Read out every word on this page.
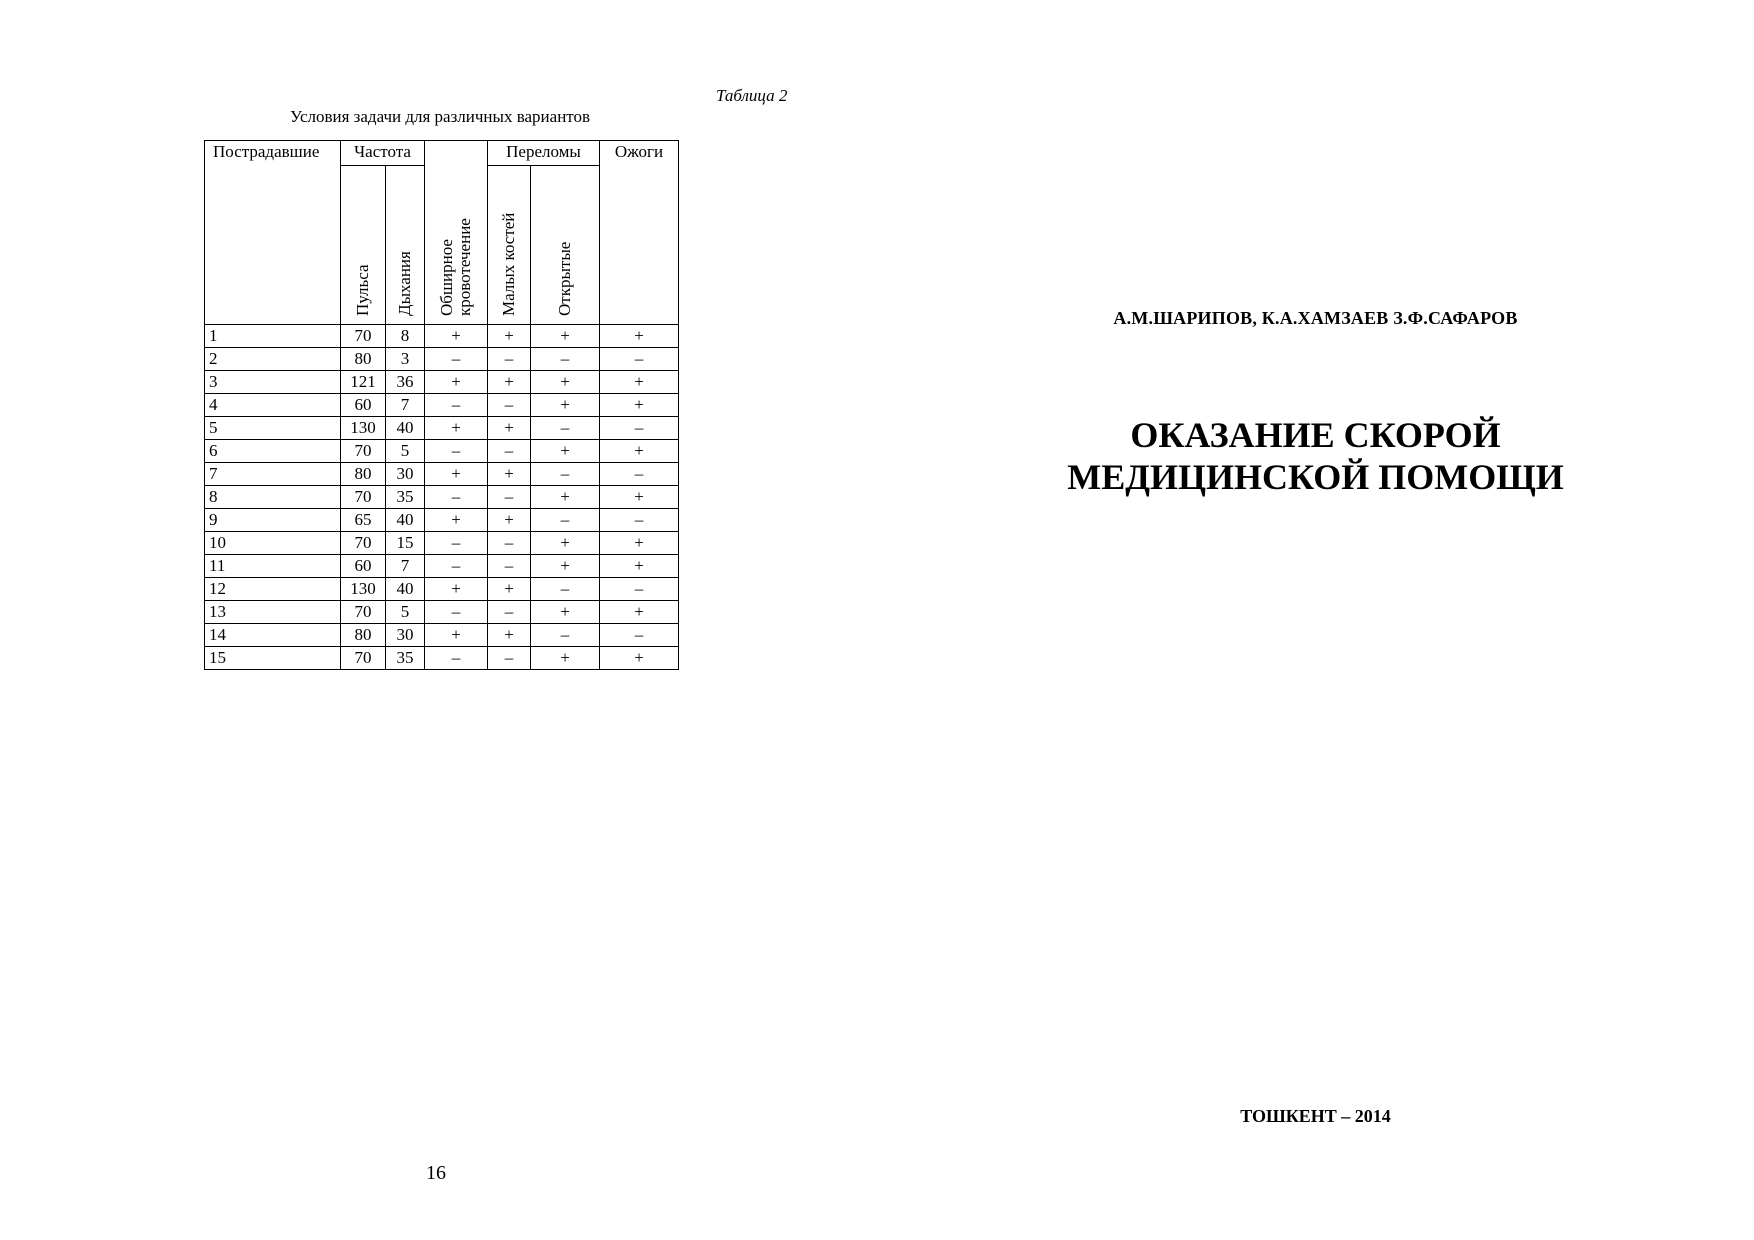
Таблица 2
Условия задачи для различных вариантов
Пострадавшие	Частота		Обширное кровотечение	Переломы		Ожоги

	Пульса	Дыхания		Малых костей	Открытые	

1	70	8	+	+	+	+
2	80	3	–	–	–	–
3	121	36	+	+	+	+
4	60	7	–	–	+	+
5	130	40	+	+	–	–
6	70	5	–	–	+	+
7	80	30	+	+	–	–
8	70	35	–	–	+	+
9	65	40	+	+	–	–
10	70	15	–	–	+	+
11	60	7	–	–	+	+
12	130	40	+	+	–	–
13	70	5	–	–	+	+
14	80	30	+	+	–	–
15	70	35	–	–	+	+
16
А.М.ШАРИПОВ, К.А.ХАМЗАЕВ З.Ф.САФАРОВ
ОКАЗАНИЕ СКОРОЙ
МЕДИЦИНСКОЙ ПОМОЩИ
ТОШКЕНТ – 2014
